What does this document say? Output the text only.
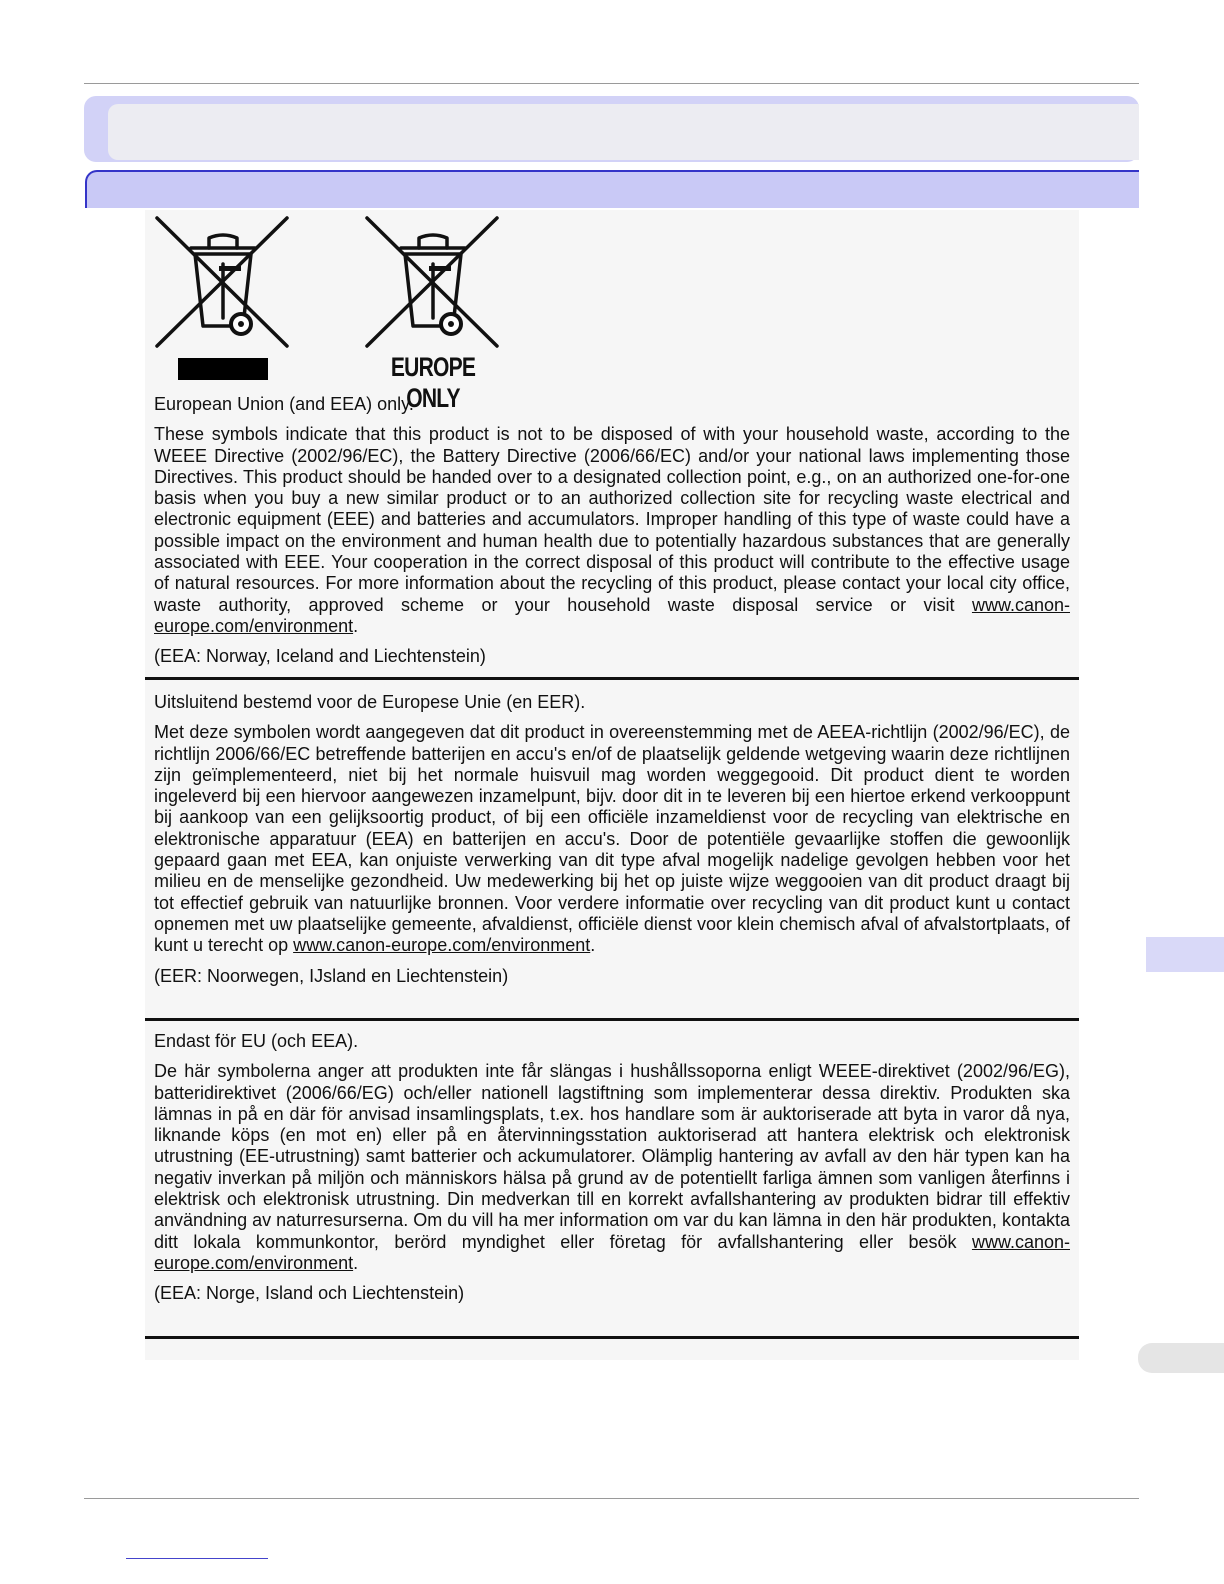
EUROPE ONLY

European Union (and EEA) only.

These symbols indicate that this product is not to be disposed of with your household waste, according to the WEEE Directive (2002/96/EC), the Battery Directive (2006/66/EC) and/or your national laws implementing those Directives. This product should be handed over to a designated collection point, e.g., on an authorized one-for-one basis when you buy a new similar product or to an authorized collection site for recycling waste electrical and electronic equipment (EEE) and batteries and accumulators. Improper handling of this type of waste could have a possible impact on the environment and human health due to potentially hazardous substances that are generally associated with EEE. Your cooperation in the correct disposal of this product will contribute to the effective usage of natural resources. For more information about the recycling of this product, please contact your local city office, waste authority, approved scheme or your household waste disposal service or visit www.canon-europe.com/environment.

(EEA: Norway, Iceland and Liechtenstein)

Uitsluitend bestemd voor de Europese Unie (en EER).

Met deze symbolen wordt aangegeven dat dit product in overeenstemming met de AEEA-richtlijn (2002/96/EC), de richtlijn 2006/66/EC betreffende batterijen en accu's en/of de plaatselijk geldende wetgeving waarin deze richtlijnen zijn geïmplementeerd, niet bij het normale huisvuil mag worden weggegooid. Dit product dient te worden ingeleverd bij een hiervoor aangewezen inzamelpunt, bijv. door dit in te leveren bij een hiertoe erkend verkooppunt bij aankoop van een gelijksoortig product, of bij een officiële inzameldienst voor de recycling van elektrische en elektronische apparatuur (EEA) en batterijen en accu's. Door de potentiële gevaarlijke stoffen die gewoonlijk gepaard gaan met EEA, kan onjuiste verwerking van dit type afval mogelijk nadelige gevolgen hebben voor het milieu en de menselijke gezondheid. Uw medewerking bij het op juiste wijze weggooien van dit product draagt bij tot effectief gebruik van natuurlijke bronnen. Voor verdere informatie over recycling van dit product kunt u contact opnemen met uw plaatselijke gemeente, afvaldienst, officiële dienst voor klein chemisch afval of afvalstortplaats, of kunt u terecht op www.canon-europe.com/environment.

(EER: Noorwegen, IJsland en Liechtenstein)

Endast för EU (och EEA).

De här symbolerna anger att produkten inte får slängas i hushållssoporna enligt WEEE-direktivet (2002/96/EG), batteridirektivet (2006/66/EG) och/eller nationell lagstiftning som implementerar dessa direktiv. Produkten ska lämnas in på en där för anvisad insamlingsplats, t.ex. hos handlare som är auktoriserade att byta in varor då nya, liknande köps (en mot en) eller på en återvinningsstation auktoriserad att hantera elektrisk och elektronisk utrustning (EE-utrustning) samt batterier och ackumulatorer. Olämplig hantering av avfall av den här typen kan ha negativ inverkan på miljön och människors hälsa på grund av de potentiellt farliga ämnen som vanligen återfinns i elektrisk och elektronisk utrustning. Din medverkan till en korrekt avfallshantering av produkten bidrar till effektiv användning av naturresurserna. Om du vill ha mer information om var du kan lämna in den här produkten, kontakta ditt lokala kommunkontor, berörd myndighet eller företag för avfallshantering eller besök www.canon-europe.com/environment.

(EEA: Norge, Island och Liechtenstein)
